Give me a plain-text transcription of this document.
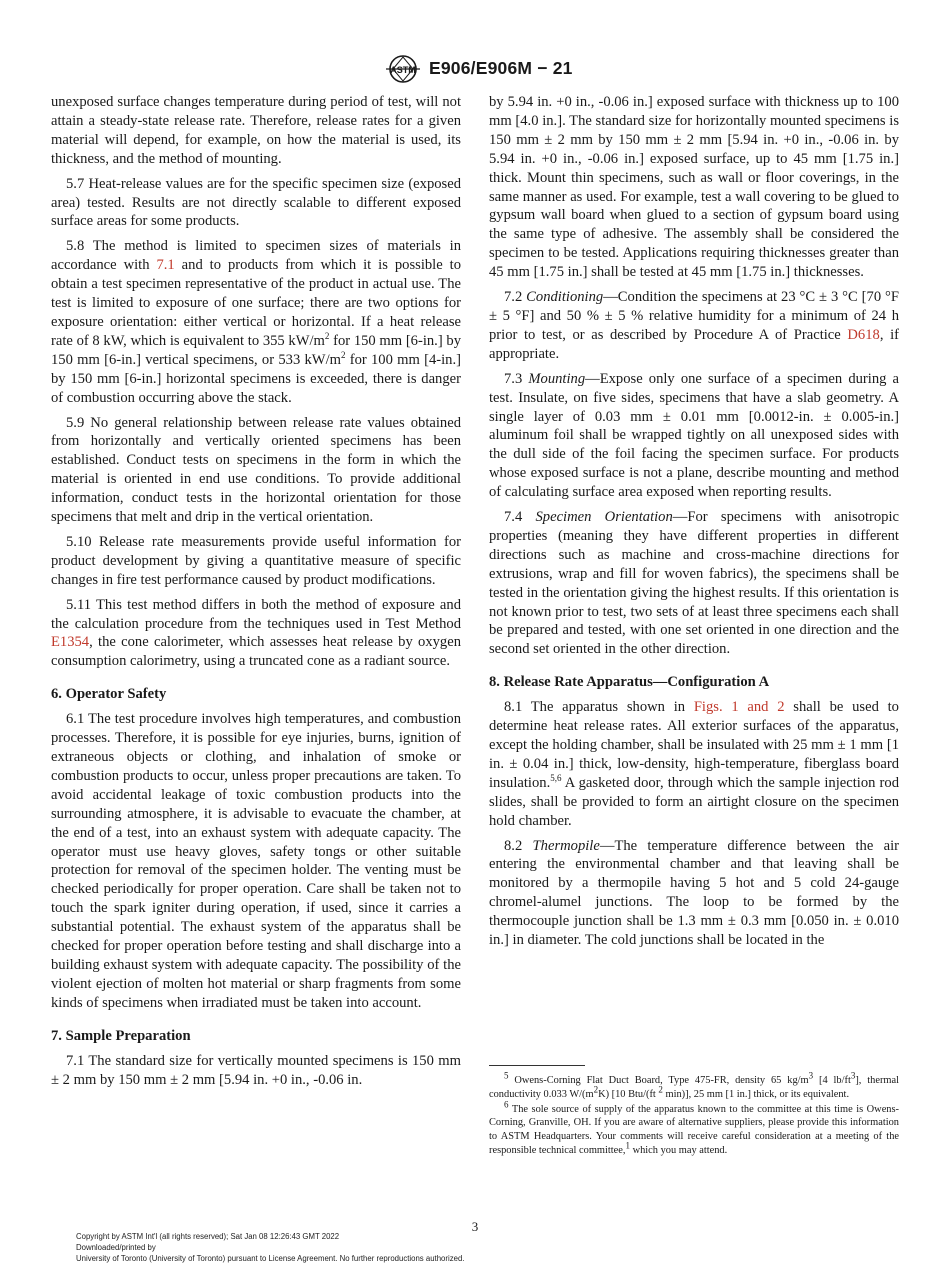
ASTM E906/E906M − 21

unexposed surface changes temperature during period of test, will not attain a steady-state release rate. Therefore, release rates for a given material will depend, for example, on how the material is used, its thickness, and the method of mounting.

5.7 Heat-release values are for the specific specimen size (exposed area) tested. Results are not directly scalable to different exposed surface areas for some products.

5.8 The method is limited to specimen sizes of materials in accordance with 7.1 and to products from which it is possible to obtain a test specimen representative of the product in actual use. The test is limited to exposure of one surface; there are two options for exposure orientation: either vertical or horizontal. If a heat release rate of 8 kW, which is equivalent to 355 $kW/m^2$ for 150 mm [6-in.] by 150 mm [6-in.] vertical specimens, or 533 $kW/m^2$ for 100 mm [4-in.] by 150 mm [6-in.] horizontal specimens is exceeded, there is danger of combustion occurring above the stack.

5.9 No general relationship between release rate values obtained from horizontally and vertically oriented specimens has been established. Conduct tests on specimens in the form in which the material is oriented in end use conditions. To provide additional information, conduct tests in the horizontal orientation for those specimens that melt and drip in the vertical orientation.

5.10 Release rate measurements provide useful information for product development by giving a quantitative measure of specific changes in fire test performance caused by product modifications.

5.11 This test method differs in both the method of exposure and the calculation procedure from the techniques used in Test Method E1354, the cone calorimeter, which assesses heat release by oxygen consumption calorimetry, using a truncated cone as a radiant source.

6. Operator Safety

6.1 The test procedure involves high temperatures, and combustion processes. Therefore, it is possible for eye injuries, burns, ignition of extraneous objects or clothing, and inhalation of smoke or combustion products to occur, unless proper precautions are taken. To avoid accidental leakage of toxic combustion products into the surrounding atmosphere, it is advisable to evacuate the chamber, at the end of a test, into an exhaust system with adequate capacity. The operator must use heavy gloves, safety tongs or other suitable protection for removal of the specimen holder. The venting must be checked periodically for proper operation. Care shall be taken not to touch the spark igniter during operation, if used, since it carries a substantial potential. The exhaust system of the apparatus shall be checked for proper operation before testing and shall discharge into a building exhaust system with adequate capacity. The possibility of the violent ejection of molten hot material or sharp fragments from some kinds of specimens when irradiated must be taken into account.

7. Sample Preparation

7.1 The standard size for vertically mounted specimens is 150 mm ± 2 mm by 150 mm ± 2 mm [5.94 in. +0 in., -0.06 in.

by 5.94 in. +0 in., -0.06 in.] exposed surface with thickness up to 100 mm [4.0 in.]. The standard size for horizontally mounted specimens is 150 mm ± 2 mm by 150 mm ± 2 mm [5.94 in. +0 in., -0.06 in. by 5.94 in. +0 in., -0.06 in.] exposed surface, up to 45 mm [1.75 in.] thick. Mount thin specimens, such as wall or floor coverings, in the same manner as used. For example, test a wall covering to be glued to gypsum wall board when glued to a section of gypsum board using the same type of adhesive. The assembly shall be considered the specimen to be tested. Applications requiring thicknesses greater than 45 mm [1.75 in.] shall be tested at 45 mm [1.75 in.] thicknesses.

7.2 Conditioning—Condition the specimens at 23 °C ± 3 °C [70 °F ± 5 °F] and 50 % ± 5 % relative humidity for a minimum of 24 h prior to test, or as described by Procedure A of Practice D618, if appropriate.

7.3 Mounting—Expose only one surface of a specimen during a test. Insulate, on five sides, specimens that have a slab geometry. A single layer of 0.03 mm ± 0.01 mm [0.0012-in. ± 0.005-in.] aluminum foil shall be wrapped tightly on all unexposed sides with the dull side of the foil facing the specimen surface. For products whose exposed surface is not a plane, describe mounting and method of calculating surface area exposed when reporting results.

7.4 Specimen Orientation—For specimens with anisotropic properties (meaning they have different properties in different directions such as machine and cross-machine directions for extrusions, wrap and fill for woven fabrics), the specimens shall be tested in the orientation giving the highest results. If this orientation is not known prior to test, two sets of at least three specimens each shall be prepared and tested, with one set oriented in one direction and the second set oriented in the other direction.

8. Release Rate Apparatus—Configuration A

8.1 The apparatus shown in Figs. 1 and 2 shall be used to determine heat release rates. All exterior surfaces of the apparatus, except the holding chamber, shall be insulated with 25 mm ± 1 mm [1 in. ± 0.04 in.] thick, low-density, high-temperature, fiberglass board insulation.$^{5,6}$ A gasketed door, through which the sample injection rod slides, shall be provided to form an airtight closure on the specimen hold chamber.

8.2 Thermopile—The temperature difference between the air entering the environmental chamber and that leaving shall be monitored by a thermopile having 5 hot and 5 cold 24-gauge chromel-alumel junctions. The loop to be formed by the thermocouple junction shall be 1.3 mm ± 0.3 mm [0.050 in. ± 0.010 in.] in diameter. The cold junctions shall be located in the

$^5$ Owens-Corning Flat Duct Board, Type 475-FR, density 65 $kg/m^3$ [4 $lb/ft^3$], thermal conductivity 0.033 $W/(m^2K)$ [10 Btu/(ft $^2$ min)], 25 mm [1 in.] thick, or its equivalent.

$^6$ The sole source of supply of the apparatus known to the committee at this time is Owens-Corning, Granville, OH. If you are aware of alternative suppliers, please provide this information to ASTM Headquarters. Your comments will receive careful consideration at a meeting of the responsible technical committee,$^1$ which you may attend.

3
Copyright by ASTM Int'l (all rights reserved); Sat Jan 08 12:26:43 GMT 2022
Downloaded/printed by
University of Toronto (University of Toronto) pursuant to License Agreement. No further reproductions authorized.
